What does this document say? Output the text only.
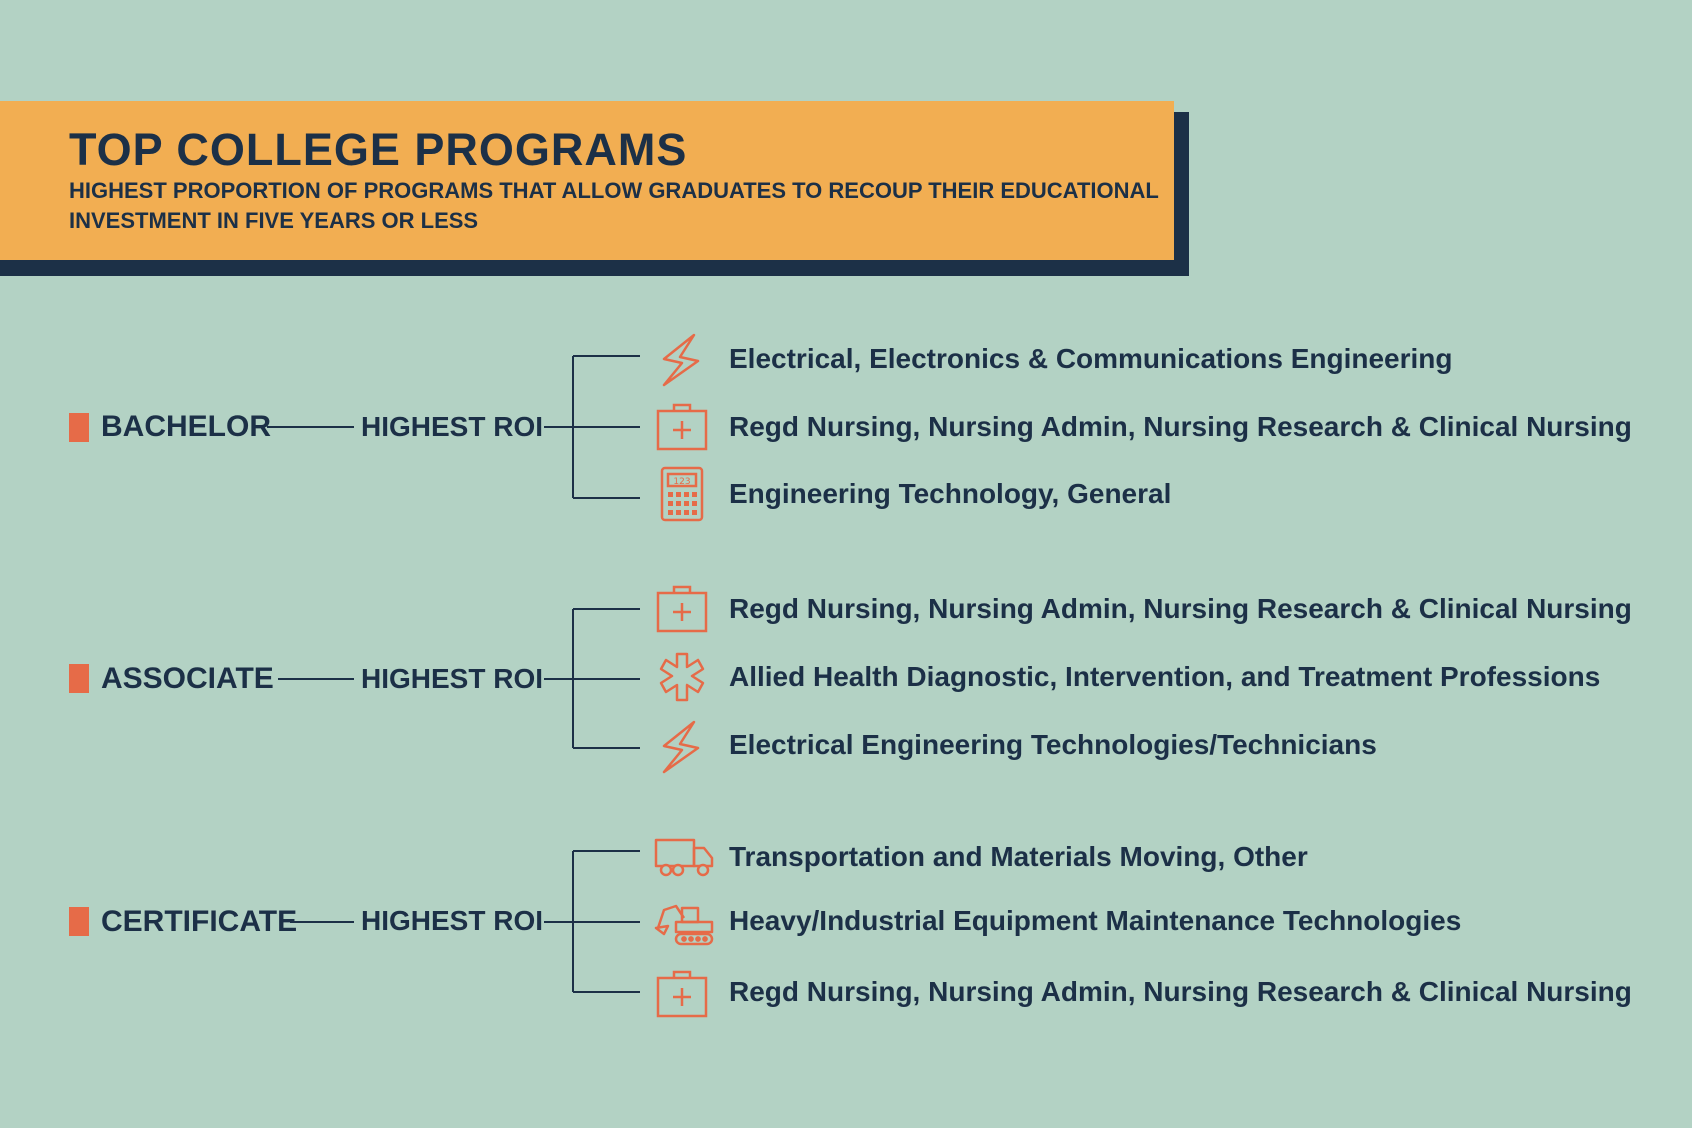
TOP COLLEGE PROGRAMS
HIGHEST PROPORTION OF PROGRAMS THAT ALLOW GRADUATES TO RECOUP THEIR EDUCATIONAL INVESTMENT IN FIVE YEARS OR LESS
BACHELOR	HIGHEST ROI
Electrical, Electronics & Communications Engineering
Regd Nursing, Nursing Admin, Nursing Research & Clinical Nursing
123 Engineering Technology, General
ASSOCIATE	HIGHEST ROI
Regd Nursing, Nursing Admin, Nursing Research & Clinical Nursing
Allied Health Diagnostic, Intervention, and Treatment Professions
Electrical Engineering Technologies/Technicians
CERTIFICATE HIGHEST ROI
Transportation and Materials Moving, Other
Heavy/Industrial Equipment Maintenance Technologies
Regd Nursing, Nursing Admin, Nursing Research & Clinical Nursing
